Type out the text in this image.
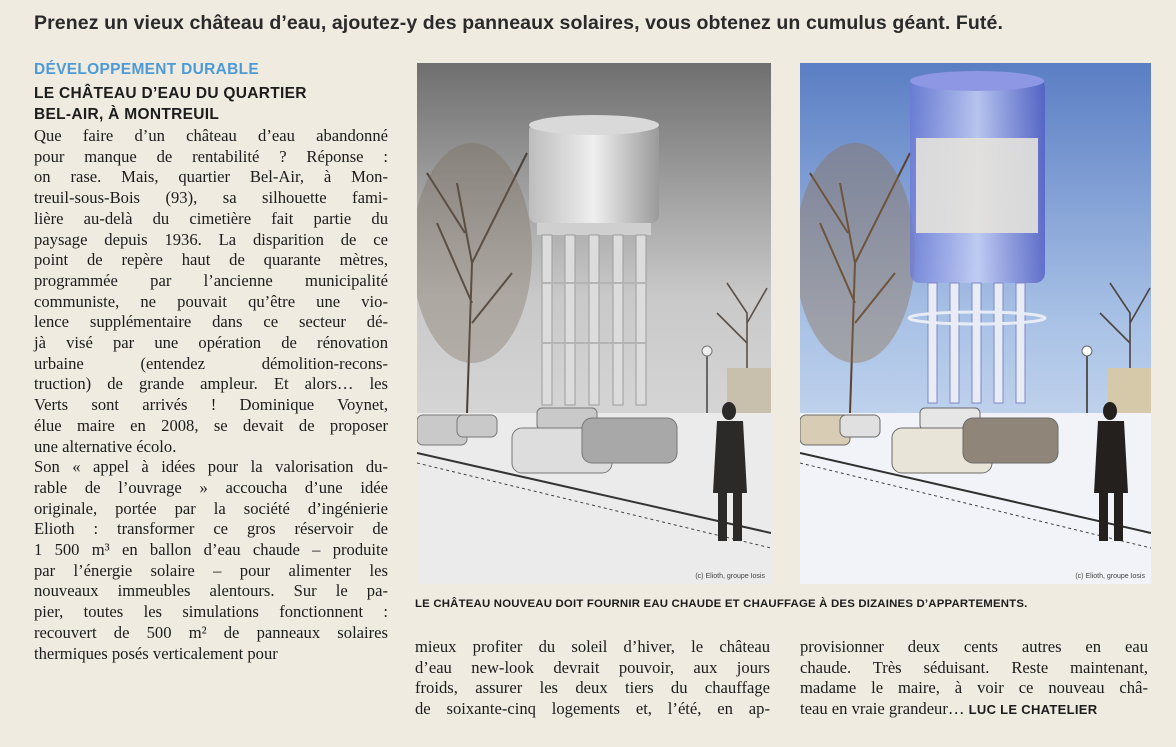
Prenez un vieux château d’eau, ajoutez-y des panneaux solaires, vous obtenez un cumulus géant. Futé.
DÉVELOPPEMENT DURABLE
LE CHÂTEAU D’EAU DU QUARTIER
BEL-AIR, À MONTREUIL
Que faire d’un château d’eau abandonné
pour manque de rentabilité ? Réponse :
on rase. Mais, quartier Bel-Air, à Mon-
treuil-sous-Bois (93), sa silhouette fami-
lière au-delà du cimetière fait partie du
paysage depuis 1936. La disparition de ce
point de repère haut de quarante mètres,
programmée par l’ancienne municipalité
communiste, ne pouvait qu’être une vio-
lence supplémentaire dans ce secteur dé-
jà visé par une opération de rénovation
urbaine (entendez démolition-recons-
truction) de grande ampleur. Et alors… les
Verts sont arrivés ! Dominique Voynet,
élue maire en 2008, se devait de proposer
une alternative écolo.
Son « appel à idées pour la valorisation du-
rable de l’ouvrage » accoucha d’une idée
originale, portée par la société d’ingénierie
Elioth : transformer ce gros réservoir de
1 500 m³ en ballon d’eau chaude – produite
par l’énergie solaire – pour alimenter les
nouveaux immeubles alentours. Sur le pa-
pier, toutes les simulations fonctionnent :
recouvert de 500 m² de panneaux solaires
thermiques posés verticalement pour
(c) Elioth, groupe Iosis	(c) Elioth, groupe Iosis
LE CHÂTEAU NOUVEAU DOIT FOURNIR EAU CHAUDE ET CHAUFFAGE À DES DIZAINES D’APPARTEMENTS.
mieux profiter du soleil d’hiver, le château
d’eau new-look devrait pouvoir, aux jours
froids, assurer les deux tiers du chauffage
de soixante-cinq logements et, l’été, en ap-
provisionner deux cents autres en eau
chaude. Très séduisant. Reste maintenant,
madame le maire, à voir ce nouveau châ-
teau en vraie grandeur… LUC LE CHATELIER
